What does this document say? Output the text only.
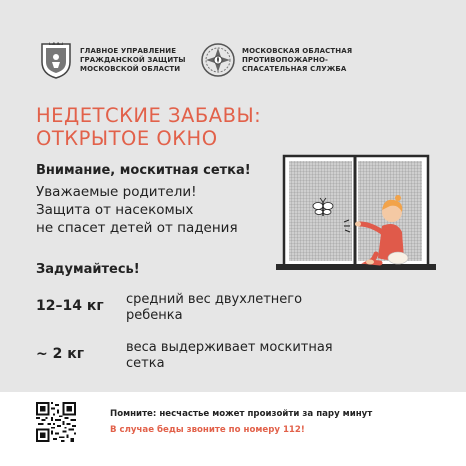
ГЛАВНОЕ УПРАВЛЕНИЕ
ГРАЖДАНСКОЙ ЗАЩИТЫ
МОСКОВСКОЙ ОБЛАСТИ
МОСКОВСКАЯ ОБЛАСТНАЯ
ПРОТИВОПОЖАРНО-
СПАСАТЕЛЬНАЯ СЛУЖБА
НЕДЕТСКИЕ ЗАБАВЫ:
ОТКРЫТОЕ ОКНО

Внимание, москитная сетка!

Уважаемые родители!
Защита от насекомых
не спасет детей от падения

Задумайтесь!

12–14 кг	средний вес двухлетнего
ребенка
~ 2 кг	веса выдерживает москитная
сетка
Помните: несчастье может произойти за пару минут
В случае беды звоните по номеру 112!
